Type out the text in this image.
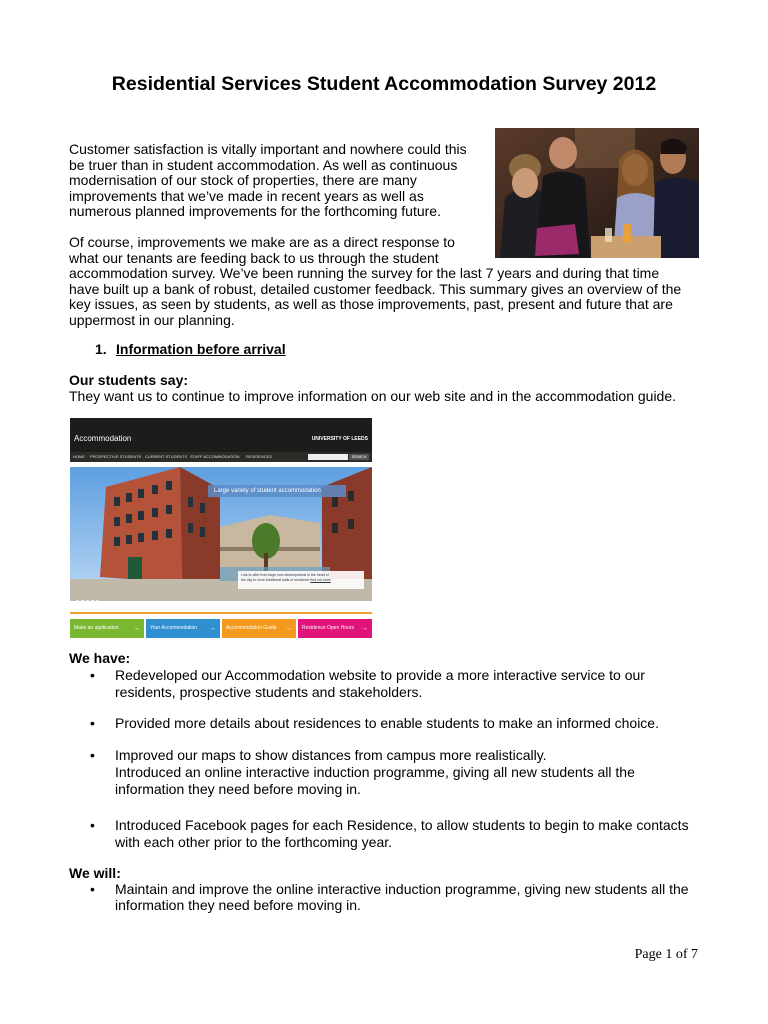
Residential Services Student Accommodation Survey 2012
Customer satisfaction is vitally important and nowhere could this
be truer than in student accommodation. As well as continuous
modernisation of our stock of properties, there are many
improvements that we’ve made in recent years as well as
numerous planned improvements for the forthcoming future.
Of course, improvements we make are as a direct response to
what our tenants are feeding back to us through the student
accommodation survey. We’ve been running the survey for the last 7 years and during that time
have built up a bank of robust, detailed customer feedback. This summary gives an overview of the
key issues, as seen by students, as well as those improvements, past, present and future that are
uppermost in our planning.
1. Information before arrival
Our students say:
They want us to continue to improve information on our web site and in the accommodation guide.
Accommodation	UNIVERSITY OF LEEDS
HOME PROSPECTIVE STUDENTS CURRENT STUDENTS STAFF ACCOMMODATION RESIDENCES	SEARCH
Large variety of student accommodation
Lots to offer from large new developments in the heart of
the city to more traditional halls of residence find out more
Make an application →	Your Accommodation →	Accommodation Guide →	Residence Open Hours →
We have:
• Redeveloped our Accommodation website to provide a more interactive service to our
residents, prospective students and stakeholders.
• Provided more details about residences to enable students to make an informed choice.
• Improved our maps to show distances from campus more realistically.
Introduced an online interactive induction programme, giving all new students all the
information they need before moving in.
• Introduced Facebook pages for each Residence, to allow students to begin to make contacts
with each other prior to the forthcoming year.
We will:
• Maintain and improve the online interactive induction programme, giving new students all the
information they need before moving in.
Page 1 of 7
